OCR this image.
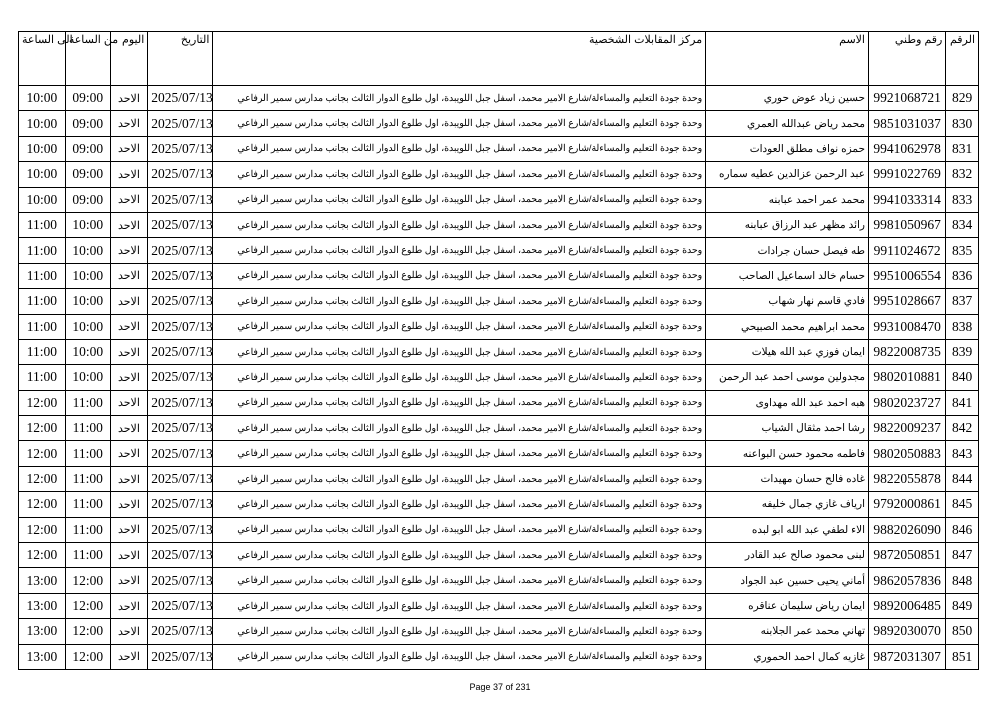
الى الساعة	من الساعة	اليوم	التاريخ	مركز المقابلات الشخصية	الاسم	رقم وطني	الرقم
10:00	09:00	الاحد	2025/07/13	وحدة جودة التعليم والمساءلة/شارع الامير محمد، اسفل جبل اللويبدة، اول طلوع الدوار الثالث بجانب مدارس سمير الرفاعي	حسين زياد عوض حوري	9921068721	829
10:00	09:00	الاحد	2025/07/13	وحدة جودة التعليم والمساءلة/شارع الامير محمد، اسفل جبل اللويبدة، اول طلوع الدوار الثالث بجانب مدارس سمير الرفاعي	محمد رياض عبدالله العمري	9851031037	830
10:00	09:00	الاحد	2025/07/13	وحدة جودة التعليم والمساءلة/شارع الامير محمد، اسفل جبل اللويبدة، اول طلوع الدوار الثالث بجانب مدارس سمير الرفاعي	حمزه نواف مطلق العودات	9941062978	831
10:00	09:00	الاحد	2025/07/13	وحدة جودة التعليم والمساءلة/شارع الامير محمد، اسفل جبل اللويبدة، اول طلوع الدوار الثالث بجانب مدارس سمير الرفاعي	عبد الرحمن عزالدين عطيه سماره	9991022769	832
10:00	09:00	الاحد	2025/07/13	وحدة جودة التعليم والمساءلة/شارع الامير محمد، اسفل جبل اللويبدة، اول طلوع الدوار الثالث بجانب مدارس سمير الرفاعي	محمد عمر احمد عبابنه	9941033314	833
11:00	10:00	الاحد	2025/07/13	وحدة جودة التعليم والمساءلة/شارع الامير محمد، اسفل جبل اللويبدة، اول طلوع الدوار الثالث بجانب مدارس سمير الرفاعي	رائد مظهر عبد الرزاق عبابنه	9981050967	834
11:00	10:00	الاحد	2025/07/13	وحدة جودة التعليم والمساءلة/شارع الامير محمد، اسفل جبل اللويبدة، اول طلوع الدوار الثالث بجانب مدارس سمير الرفاعي	طه فيصل حسان جرادات	9911024672	835
11:00	10:00	الاحد	2025/07/13	وحدة جودة التعليم والمساءلة/شارع الامير محمد، اسفل جبل اللويبدة، اول طلوع الدوار الثالث بجانب مدارس سمير الرفاعي	حسام خالد اسماعيل الصاحب	9951006554	836
11:00	10:00	الاحد	2025/07/13	وحدة جودة التعليم والمساءلة/شارع الامير محمد، اسفل جبل اللويبدة، اول طلوع الدوار الثالث بجانب مدارس سمير الرفاعي	فادي قاسم نهار شهاب	9951028667	837
11:00	10:00	الاحد	2025/07/13	وحدة جودة التعليم والمساءلة/شارع الامير محمد، اسفل جبل اللويبدة، اول طلوع الدوار الثالث بجانب مدارس سمير الرفاعي	محمد ابراهيم محمد الصبيحي	9931008470	838
11:00	10:00	الاحد	2025/07/13	وحدة جودة التعليم والمساءلة/شارع الامير محمد، اسفل جبل اللويبدة، اول طلوع الدوار الثالث بجانب مدارس سمير الرفاعي	ايمان فوزي عبد الله هيلات	9822008735	839
11:00	10:00	الاحد	2025/07/13	وحدة جودة التعليم والمساءلة/شارع الامير محمد، اسفل جبل اللويبدة، اول طلوع الدوار الثالث بجانب مدارس سمير الرفاعي	مجدولين موسى احمد عبد الرحمن	9802010881	840
12:00	11:00	الاحد	2025/07/13	وحدة جودة التعليم والمساءلة/شارع الامير محمد، اسفل جبل اللويبدة، اول طلوع الدوار الثالث بجانب مدارس سمير الرفاعي	هبه احمد عبد الله مهداوى	9802023727	841
12:00	11:00	الاحد	2025/07/13	وحدة جودة التعليم والمساءلة/شارع الامير محمد، اسفل جبل اللويبدة، اول طلوع الدوار الثالث بجانب مدارس سمير الرفاعي	رشا احمد مثقال الشياب	9822009237	842
12:00	11:00	الاحد	2025/07/13	وحدة جودة التعليم والمساءلة/شارع الامير محمد، اسفل جبل اللويبدة، اول طلوع الدوار الثالث بجانب مدارس سمير الرفاعي	فاطمه محمود حسن البواعنه	9802050883	843
12:00	11:00	الاحد	2025/07/13	وحدة جودة التعليم والمساءلة/شارع الامير محمد، اسفل جبل اللويبدة، اول طلوع الدوار الثالث بجانب مدارس سمير الرفاعي	غاده فالح حسان مهيدات	9822055878	844
12:00	11:00	الاحد	2025/07/13	وحدة جودة التعليم والمساءلة/شارع الامير محمد، اسفل جبل اللويبدة، اول طلوع الدوار الثالث بجانب مدارس سمير الرفاعي	ارياف غازي جمال خليفه	9792000861	845
12:00	11:00	الاحد	2025/07/13	وحدة جودة التعليم والمساءلة/شارع الامير محمد، اسفل جبل اللويبدة، اول طلوع الدوار الثالث بجانب مدارس سمير الرفاعي	الاء لطفي عبد الله ابو لبده	9882026090	846
12:00	11:00	الاحد	2025/07/13	وحدة جودة التعليم والمساءلة/شارع الامير محمد، اسفل جبل اللويبدة، اول طلوع الدوار الثالث بجانب مدارس سمير الرفاعي	لبنى محمود صالح عبد القادر	9872050851	847
13:00	12:00	الاحد	2025/07/13	وحدة جودة التعليم والمساءلة/شارع الامير محمد، اسفل جبل اللويبدة، اول طلوع الدوار الثالث بجانب مدارس سمير الرفاعي	أماني يحيى حسين عبد الجواد	9862057836	848
13:00	12:00	الاحد	2025/07/13	وحدة جودة التعليم والمساءلة/شارع الامير محمد، اسفل جبل اللويبدة، اول طلوع الدوار الثالث بجانب مدارس سمير الرفاعي	ايمان رياض سليمان عناقره	9892006485	849
13:00	12:00	الاحد	2025/07/13	وحدة جودة التعليم والمساءلة/شارع الامير محمد، اسفل جبل اللويبدة، اول طلوع الدوار الثالث بجانب مدارس سمير الرفاعي	تهاني محمد عمر الجلابنه	9892030070	850
13:00	12:00	الاحد	2025/07/13	وحدة جودة التعليم والمساءلة/شارع الامير محمد، اسفل جبل اللويبدة، اول طلوع الدوار الثالث بجانب مدارس سمير الرفاعي	غازيه كمال احمد الحموري	9872031307	851
Page 37 of 231
